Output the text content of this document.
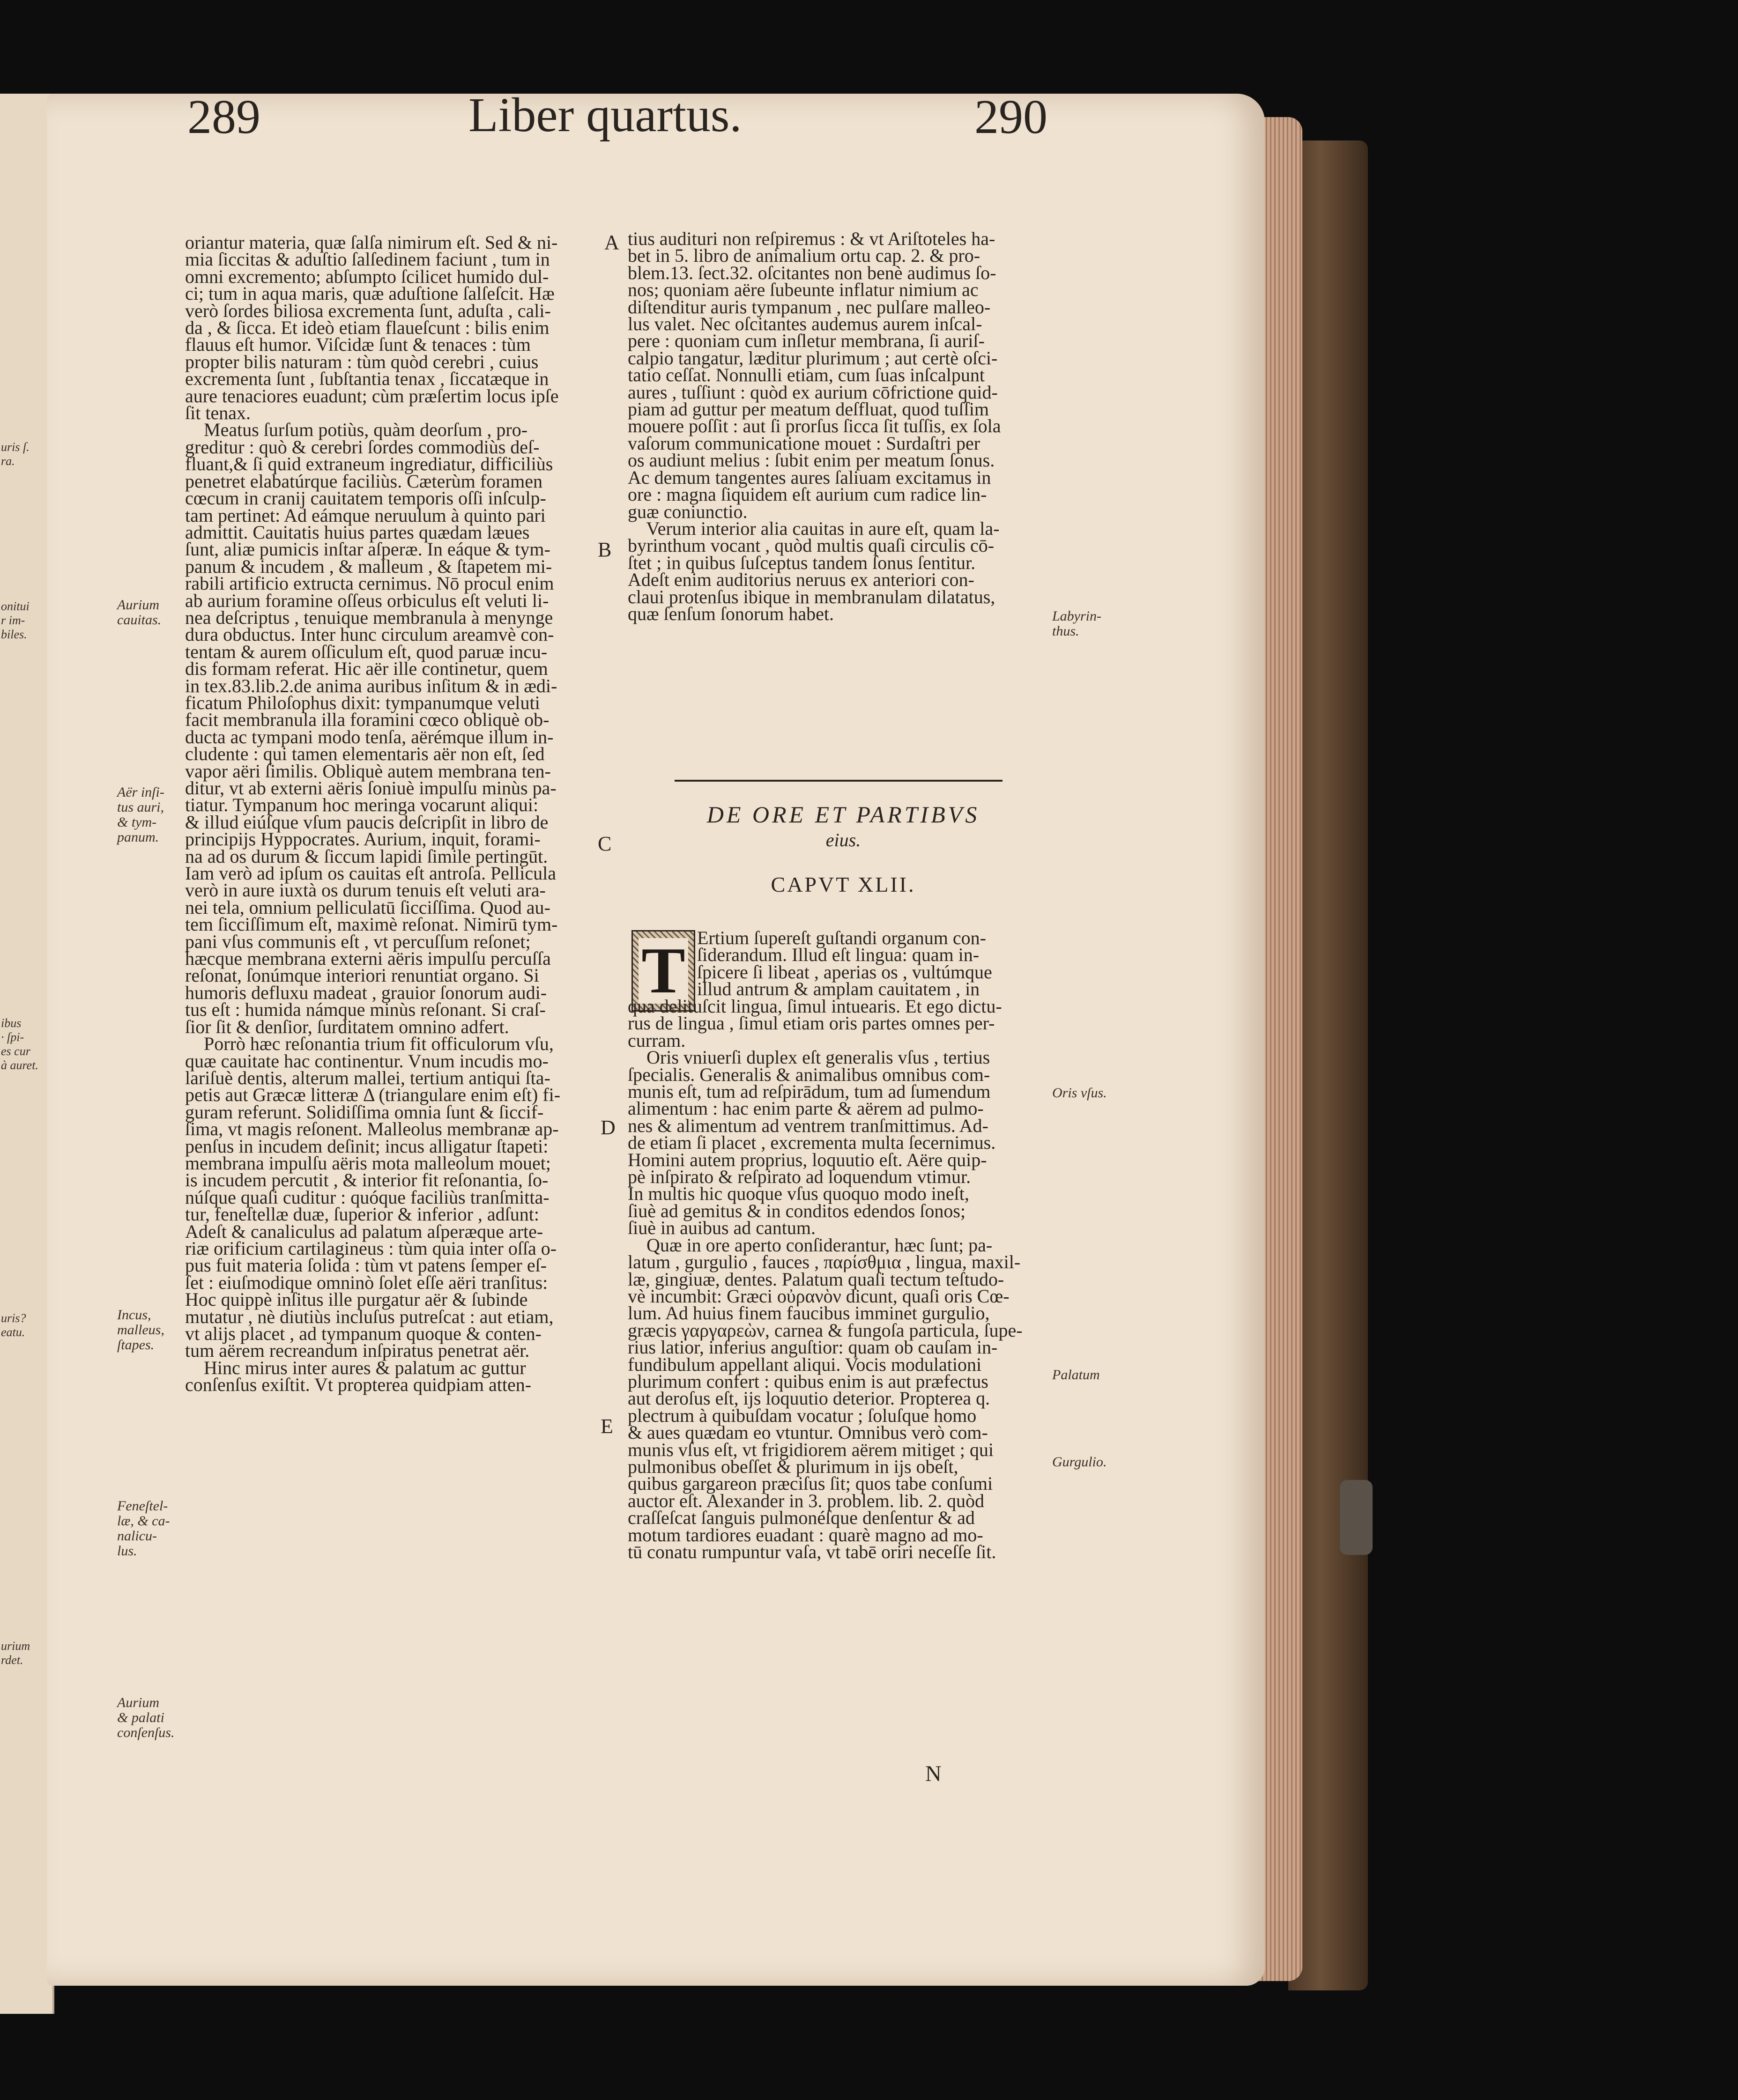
uris ſ.
ra.
onitui
r im-
biles.
ibus
· ſpi-
es cur
à auret.
uris?
eatu.
urium
rdet.
289	Liber quartus.	290
oriantur materia, quæ ſalſa nimirum eſt. Sed & ni-
mia ſiccitas & aduſtio ſalſedinem faciunt , tum in
omni excremento; abſumpto ſcilicet humido dul-
ci; tum in aqua maris, quæ aduſtione ſalſeſcit. Hæ
verò ſordes biliosa excrementa ſunt, aduſta , cali-
da , & ſicca. Et ideò etiam flaueſcunt : bilis enim
flauus eſt humor. Viſcidæ ſunt & tenaces : tùm
propter bilis naturam : tùm quòd cerebri , cuius
excrementa ſunt , ſubſtantia tenax , ſiccatæque in
aure tenaciores euadunt; cùm præſertim locus ipſe
ſit tenax.
Meatus ſurſum potiùs, quàm deorſum , pro-
greditur : quò & cerebri ſordes commodiùs deſ-
fluant,& ſi quid extraneum ingrediatur, difficiliùs
penetret elabatúrque faciliùs. Cæterùm foramen
cœcum in cranij cauitatem temporis oſſi inſculp-
tam pertinet: Ad eámque neruulum à quinto pari
admittit. Cauitatis huius partes quædam læues
ſunt, aliæ pumicis inſtar aſperæ. In eáque & tym-
panum & incudem , & malleum , & ſtapetem mi-
rabili artificio extructa cernimus. Nō procul enim
ab aurium foramine oſſeus orbiculus eſt veluti li-
nea deſcriptus , tenuique membranula à menynge
dura obductus. Inter hunc circulum areamvè con-
tentam & aurem oſſiculum eſt, quod paruæ incu-
dis formam referat. Hic aër ille continetur, quem
in tex.83.lib.2.de anima auribus inſitum & in ædi-
ficatum Philoſophus dixit: tympanumque veluti
facit membranula illa foramini cœco obliquè ob-
ducta ac tympani modo tenſa, aërémque illum in-
cludente : qui tamen elementaris aër non eſt, ſed
vapor aëri ſimilis. Obliquè autem membrana ten-
ditur, vt ab externi aëris ſoniuè impulſu minùs pa-
tiatur. Tympanum hoc meringa vocarunt aliqui:
& illud eiúſque vſum paucis deſcripſit in libro de
principijs Hyppocrates. Aurium, inquit, forami-
na ad os durum & ſiccum lapidi ſimile pertingūt.
Iam verò ad ipſum os cauitas eſt antroſa. Pellicula
verò in aure iuxtà os durum tenuis eſt veluti ara-
nei tela, omnium pelliculatū ſicciſſima. Quod au-
tem ſicciſſimum eſt, maximè reſonat. Nimirū tym-
pani vſus communis eſt , vt percuſſum reſonet;
hæcque membrana externi aëris impulſu percuſſa
reſonat, ſonúmque interiori renuntiat organo. Si
humoris defluxu madeat , grauior ſonorum audi-
tus eſt : humida námque minùs reſonant. Si craſ-
ſior ſit & denſior, ſurditatem omnino adfert.
Porrò hæc reſonantia trium fit officulorum vſu,
quæ cauitate hac continentur. Vnum incudis mo-
lariſuè dentis, alterum mallei, tertium antiqui ſta-
petis aut Græcæ litteræ Δ (triangulare enim eſt) fi-
guram referunt. Solidiſſima omnia ſunt & ſiccif-
ſima, vt magis reſonent. Malleolus membranæ ap-
penſus in incudem deſinit; incus alligatur ſtapeti:
membrana impulſu aëris mota malleolum mouet;
is incudem percutit , & interior fit reſonantia, ſo-
núſque quaſi cuditur : quóque faciliùs tranſmitta-
tur, feneſtellæ duæ, ſuperior & inferior , adſunt:
Adeſt & canaliculus ad palatum aſperæque arte-
riæ orificium cartilagineus : tùm quia inter oſſa o-
pus fuit materia ſolida : tùm vt patens ſemper eſ-
ſet : eiuſmodique omninò ſolet eſſe aëri tranſitus:
Hoc quippè inſitus ille purgatur aër & ſubinde
mutatur , nè diutiùs incluſus putreſcat : aut etiam,
vt alijs placet , ad tympanum quoque & conten-
tum aërem recreandum inſpiratus penetrat aër.
Hinc mirus inter aures & palatum ac guttur
conſenſus exiſtit. Vt propterea quidpiam atten-
tius audituri non reſpiremus : & vt Ariſtoteles ha-
bet in 5. libro de animalium ortu cap. 2. & pro-
blem.13. ſect.32. oſcitantes non benè audimus ſo-
nos; quoniam aëre ſubeunte inflatur nimium ac
diſtenditur auris tympanum , nec pulſare malleo-
lus valet. Nec oſcitantes audemus aurem inſcal-
pere : quoniam cum inſletur membrana, ſi auriſ-
calpio tangatur, læditur plurimum ; aut certè oſci-
tatio ceſſat. Nonnulli etiam, cum ſuas inſcalpunt
aures , tuſſiunt : quòd ex aurium cōfrictione quid-
piam ad guttur per meatum deſfluat, quod tuſſim
mouere poſſit : aut ſi prorſus ſicca ſit tuſſis, ex ſola
vaſorum communicatione mouet : Surdaſtri per
os audiunt melius : ſubit enim per meatum ſonus.
Ac demum tangentes aures ſaliuam excitamus in
ore : magna ſiquidem eſt aurium cum radice lin-
guæ coniunctio.
Verum interior alia cauitas in aure eſt, quam la-
byrinthum vocant , quòd multis quaſi circulis cō-
ſtet ; in quibus ſuſceptus tandem ſonus ſentitur.
Adeſt enim auditorius neruus ex anteriori con-
claui protenſus ibique in membranulam dilatatus,
quæ ſenſum ſonorum habet.
DE ORE ET PARTIBVS
eius.
CAPVT XLII.
T Ertium ſupereſt guſtandi organum con-
ſiderandum. Illud eſt lingua: quam in-
ſpicere ſi libeat , aperias os , vultúmque
illud antrum & amplam cauitatem , in
qua delituſcit lingua, ſimul intuearis. Et ego dictu-
rus de lingua , ſimul etiam oris partes omnes per-
curram.
Oris vniuerſi duplex eſt generalis vſus , tertius
ſpecialis. Generalis & animalibus omnibus com-
munis eſt, tum ad reſpirādum, tum ad ſumendum
alimentum : hac enim parte & aërem ad pulmo-
nes & alimentum ad ventrem tranſmittimus. Ad-
de etiam ſi placet , excrementa multa ſecernimus.
Homini autem proprius, loquutio eſt. Aëre quip-
pè inſpirato & reſpirato ad loquendum vtimur.
In multis hic quoque vſus quoquo modo ineſt,
ſiuè ad gemitus & in conditos edendos ſonos;
ſiuè in auibus ad cantum.
Quæ in ore aperto conſiderantur, hæc ſunt; pa-
latum , gurgulio , fauces , παρίσθμια , lingua, maxil-
læ, gingiuæ, dentes. Palatum quaſi tectum teſtudo-
vè incumbit: Græci οὐρανὸν dicunt, quaſi oris Cœ-
lum. Ad huius finem faucibus imminet gurgulio,
græcis γαργαρεὼν, carnea & fungoſa particula, ſupe-
rius latior, inferius anguſtior: quam ob cauſam in-
fundibulum appellant aliqui. Vocis modulationi
plurimum confert : quibus enim is aut præfectus
aut deroſus eſt, ijs loquutio deterior. Propterea q.
plectrum à quibuſdam vocatur ; ſoluſque homo
& aues quædam eo vtuntur. Omnibus verò com-
munis vſus eſt, vt frigidiorem aërem mitiget ; qui
pulmonibus obeſſet & plurimum in ijs obeſt,
quibus gargareon præciſus ſit; quos tabe conſumi
auctor eſt. Alexander in 3. problem. lib. 2. quòd
craſſeſcat ſanguis pulmonéſque denſentur & ad
motum tardiores euadant : quarè magno ad mo-
tū conatu rumpuntur vaſa, vt tabē oriri neceſſe ſit.
A
B
C
D
E
Aurium
cauitas.
Aër inſi-
tus auri,
& tym-
panum.
Incus,
malleus,
ſtapes.
Feneſtel-
læ, & ca-
nalicu-
lus.
Aurium
& palati
conſenſus.
Labyrin-
thus.
Oris vſus.
Palatum
Gurgulio.
N
